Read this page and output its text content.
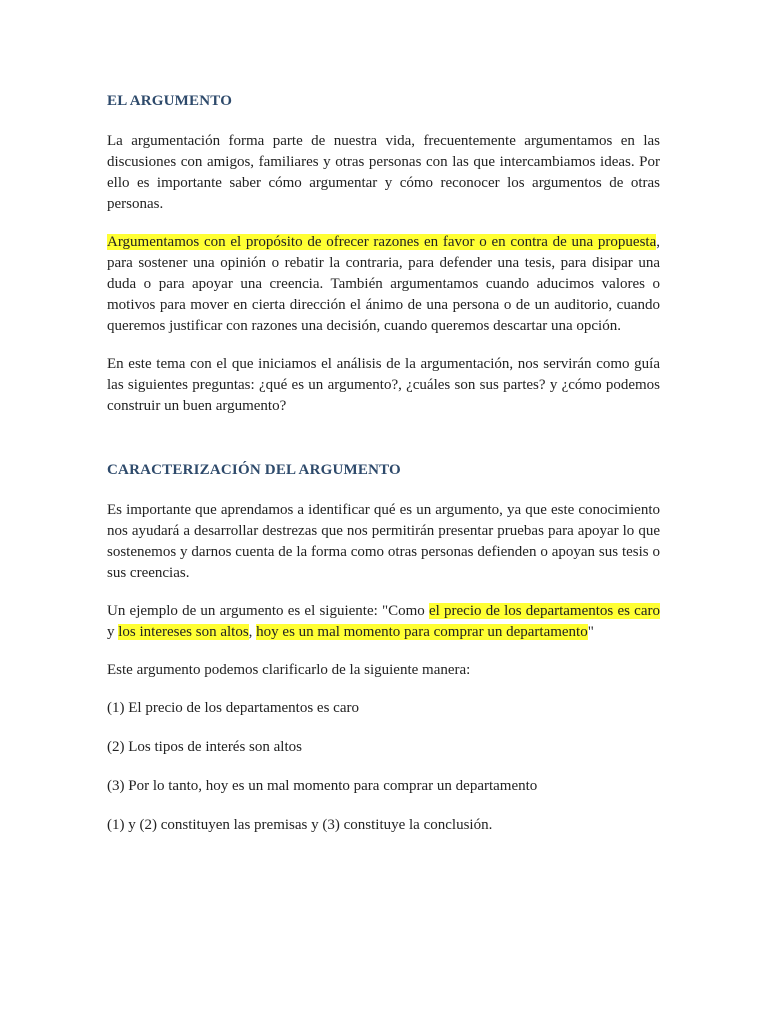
EL ARGUMENTO

La argumentación forma parte de nuestra vida, frecuentemente argumentamos en las discusiones con amigos, familiares y otras personas con las que intercambiamos ideas. Por ello es importante saber cómo argumentar y cómo reconocer los argumentos de otras personas.

Argumentamos con el propósito de ofrecer razones en favor o en contra de una propuesta, para sostener una opinión o rebatir la contraria, para defender una tesis, para disipar una duda o para apoyar una creencia. También argumentamos cuando aducimos valores o motivos para mover en cierta dirección el ánimo de una persona o de un auditorio, cuando queremos justificar con razones una decisión, cuando queremos descartar una opción.

En este tema con el que iniciamos el análisis de la argumentación, nos servirán como guía las siguientes preguntas: ¿qué es un argumento?, ¿cuáles son sus partes? y ¿cómo podemos construir un buen argumento?

CARACTERIZACIÓN DEL ARGUMENTO

Es importante que aprendamos a identificar qué es un argumento, ya que este conocimiento nos ayudará a desarrollar destrezas que nos permitirán presentar pruebas para apoyar lo que sostenemos y darnos cuenta de la forma como otras personas defienden o apoyan sus tesis o sus creencias.

Un ejemplo de un argumento es el siguiente: "Como el precio de los departamentos es caro y los intereses son altos, hoy es un mal momento para comprar un departamento"

Este argumento podemos clarificarlo de la siguiente manera:

(1) El precio de los departamentos es caro

(2) Los tipos de interés son altos

(3) Por lo tanto, hoy es un mal momento para comprar un departamento

(1) y (2) constituyen las premisas y (3) constituye la conclusión.
